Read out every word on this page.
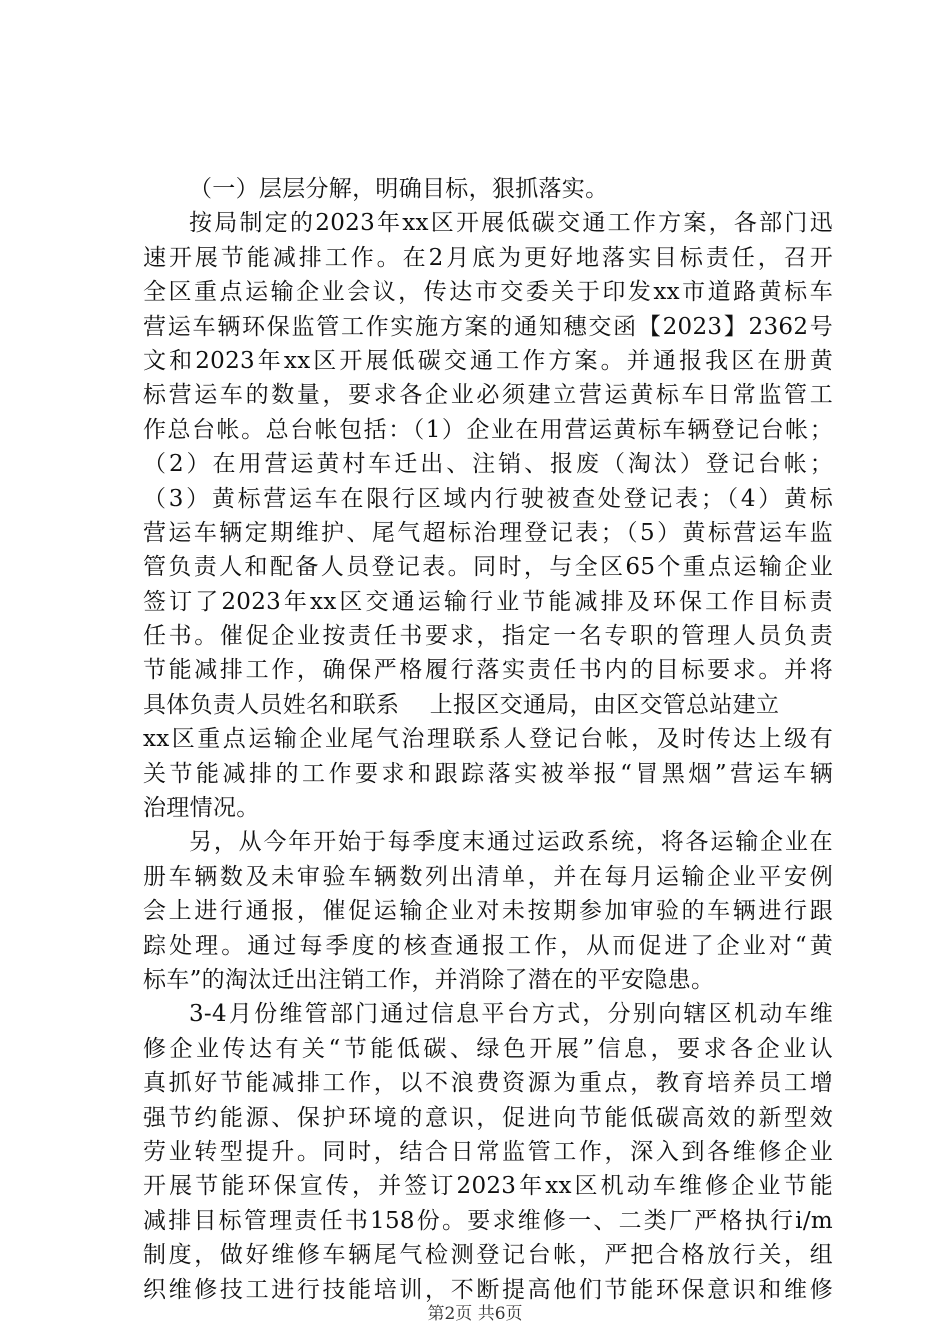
（一）层层分解，明确目标，狠抓落实。
按局制定的2023年xx区开展低碳交通工作方案，各部门迅
速开展节能减排工作。在2月底为更好地落实目标责任，召开
全区重点运输企业会议，传达市交委关于印发xx市道路黄标车
营运车辆环保监管工作实施方案的通知穗交函【2023】2362号
文和2023年xx区开展低碳交通工作方案。并通报我区在册黄
标营运车的数量，要求各企业必须建立营运黄标车日常监管工
作总台帐。总台帐包括：（1）企业在用营运黄标车辆登记台帐；
（2）在用营运黄村车迁出、注销、报废（淘汰）登记台帐；
（3）黄标营运车在限行区域内行驶被查处登记表；（4）黄标
营运车辆定期维护、尾气超标治理登记表；（5）黄标营运车监
管负责人和配备人员登记表。同时，与全区65个重点运输企业
签订了2023年xx区交通运输行业节能减排及环保工作目标责
任书。催促企业按责任书要求，指定一名专职的管理人员负责
节能减排工作，确保严格履行落实责任书内的目标要求。并将
具体负责人员姓名和联系    上报区交通局，由区交管总站建立
xx区重点运输企业尾气治理联系人登记台帐，及时传达上级有
关节能减排的工作要求和跟踪落实被举报“冒黑烟”营运车辆
治理情况。
另，从今年开始于每季度末通过运政系统，将各运输企业在
册车辆数及未审验车辆数列出清单，并在每月运输企业平安例
会上进行通报，催促运输企业对未按期参加审验的车辆进行跟
踪处理。通过每季度的核查通报工作，从而促进了企业对“黄
标车”的淘汰迁出注销工作，并消除了潜在的平安隐患。
3-4月份维管部门通过信息平台方式，分别向辖区机动车维
修企业传达有关“节能低碳、绿色开展”信息，要求各企业认
真抓好节能减排工作，以不浪费资源为重点，教育培养员工增
强节约能源、保护环境的意识，促进向节能低碳高效的新型效
劳业转型提升。同时，结合日常监管工作，深入到各维修企业
开展节能环保宣传，并签订2023年xx区机动车维修企业节能
减排目标管理责任书158份。要求维修一、二类厂严格执行i/m
制度，做好维修车辆尾气检测登记台帐，严把合格放行关，组
织维修技工进行技能培训，不断提高他们节能环保意识和维修
第2页 共6页
